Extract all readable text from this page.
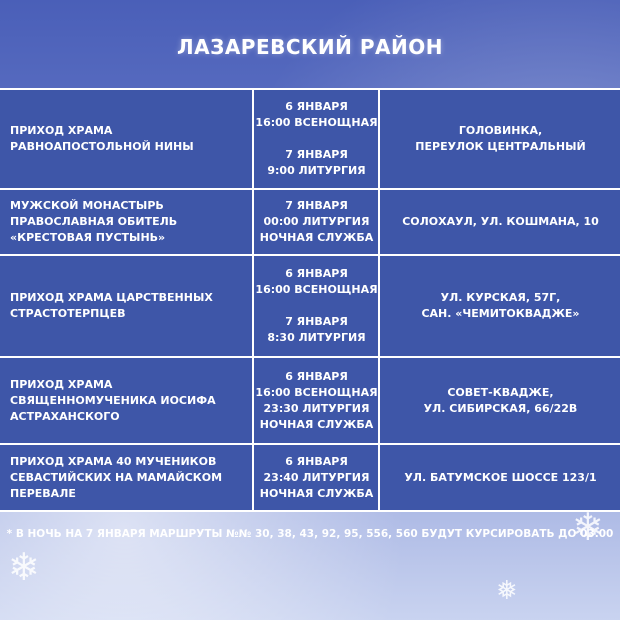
ЛАЗАРЕВСКИЙ РАЙОН
ПРИХОД ХРАМА
РАВНОАПОСТОЛЬНОЙ НИНЫ
6 ЯНВАРЯ
16:00 ВСЕНОЩНАЯ

7 ЯНВАРЯ
9:00 ЛИТУРГИЯ
ГОЛОВИНКА,
ПЕРЕУЛОК ЦЕНТРАЛЬНЫЙ
МУЖСКОЙ МОНАСТЫРЬ
ПРАВОСЛАВНАЯ ОБИТЕЛЬ
«КРЕСТОВАЯ ПУСТЫНЬ»
7 ЯНВАРЯ
00:00 ЛИТУРГИЯ
НОЧНАЯ СЛУЖБА
СОЛОХАУЛ, УЛ. КОШМАНА, 10
ПРИХОД ХРАМА ЦАРСТВЕННЫХ
СТРАСТОТЕРПЦЕВ
6 ЯНВАРЯ
16:00 ВСЕНОЩНАЯ

7 ЯНВАРЯ
8:30 ЛИТУРГИЯ
УЛ. КУРСКАЯ, 57Г,
САН. «ЧЕМИТОКВАДЖЕ»
ПРИХОД ХРАМА
СВЯЩЕННОМУЧЕНИКА ИОСИФА
АСТРАХАНСКОГО
6 ЯНВАРЯ
16:00 ВСЕНОЩНАЯ
23:30 ЛИТУРГИЯ
НОЧНАЯ СЛУЖБА
СОВЕТ-КВАДЖЕ,
УЛ. СИБИРСКАЯ, 66/22В
ПРИХОД ХРАМА 40 МУЧЕНИКОВ
СЕВАСТИЙСКИХ НА МАМАЙСКОМ
ПЕРЕВАЛЕ
6 ЯНВАРЯ
23:40 ЛИТУРГИЯ
НОЧНАЯ СЛУЖБА
УЛ. БАТУМСКОЕ ШОССЕ 123/1
* В НОЧЬ НА 7 ЯНВАРЯ МАРШРУТЫ №№ 30, 38, 43, 92, 95, 556, 560 БУДУТ КУРСИРОВАТЬ ДО 03.00
❄
❄
❅
